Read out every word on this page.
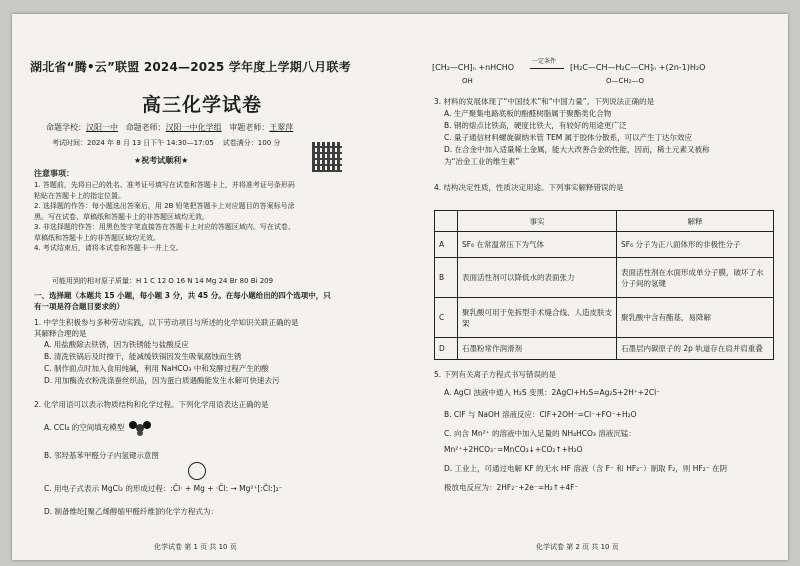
湖北省“腾•云”联盟 2024—2025 学年度上学期八月联考
高三化学试卷
命题学校：汉阳一中 命题老师：汉阳一中化学组 审题老师：王翠萍
考试时间：2024 年 8 月 13 日下午 14:30—17:05 试卷满分：100 分
★祝考试顺利★
注意事项：
1. 答题前，先将自己的姓名、准考证号填写在试卷和答题卡上，并将准考证号条形码
粘贴在答题卡上的指定位置。
2. 选择题的作答：每小题选出答案后，用 2B 铅笔把答题卡上对应题目的答案标号涂
黑。写在试卷、草稿纸和答题卡上的非答题区域均无效。
3. 非选择题的作答：用黑色签字笔直接答在答题卡上对应的答题区域内。写在试卷、
草稿纸和答题卡上的非答题区域均无效。
4. 考试结束后，请将本试卷和答题卡一并上交。
可能用到的相对原子质量：H 1 C 12 O 16 N 14 Mg 24 Br 80 Bi 209
一、选择题（本题共 15 小题，每小题 3 分，共 45 分。在每小题给出的四个选项中，只
有一项是符合题目要求的）
1. 中学生积极参与多种劳动实践，以下劳动项目与所述的化学知识关联正确的是
其解释合理的是
A. 用盐酸除去铁锈，因为铁锈能与盐酸反应
B. 清洗铁锅后及时擦干，能减缓铁锅因发生吸氧腐蚀而生锈
C. 制作面点时加入食用纯碱，利用 NaHCO₃ 中和发酵过程产生的酸
D. 用加酶洗衣粉洗涤蚕丝织品，因为蛋白质遇酶能发生水解可快速去污
2. 化学用语可以表示物质结构和化学过程。下列化学用语表达正确的是
A. CCl₄ 的空间填充模型
B. 邻羟基苯甲醛分子内氢键示意图
C. 用电子式表示 MgCl₂ 的形成过程：:C̈l· + Mg + ·C̈l: → Mg²⁺[:C̈l:]₂⁻
D. 制备维纶[聚乙烯醇缩甲醛纤维]的化学方程式为：
化学试卷 第 1 页 共 10 页
⁅CH₂—CH⁆ₙ +nHCHO
OH
一定条件
⁅H₂C—CH—H₂C—CH⁆ₙ +(2n-1)H₂O
O—CH₂—O
3. 材料的发展体现了“中国技术”和“中国力量”。下列说法正确的是
A. 生产聚集电路底板的酚醛树脂属于聚酯类化合物
B. 钢的熔点比铁高，硬度比铁大，有较好的用途更广泛
C. 量子通信材料螺旋碳纳米管 TEM 属于胶体分散系，可以产生丁达尔效应
D. 在合金中加入适量稀土金属，能大大改善合金的性能，因而，稀土元素又被称
为“冶金工业的维生素”
4. 结构决定性质，性质决定用途。下列事实解释错误的是
	事实	解释
A	SF₆ 在常温常压下为气体	SF₆ 分子为正八面体形的非极性分子
B	表面活性剂可以降低水的表面张力	表面活性剂在水面形成单分子膜，破坏了水分子间的氢键
C	聚乳酸可用于免拆型手术缝合线、人造皮肤支架	聚乳酸中含有酯基，易降解
D	石墨粉常作润滑剂	石墨层内碳原子的 2p 轨道存在肩并肩重叠
5. 下列有关离子方程式书写错误的是
A. AgCl 浊液中通入 H₂S 变黑：2AgCl+H₂S=Ag₂S+2H⁺+2Cl⁻
B. ClF 与 NaOH 溶液反应：ClF+2OH⁻=Cl⁻+FO⁻+H₂O
C. 向含 Mn²⁺ 的溶液中加入足量的 NH₄HCO₃ 溶液沉锰：
Mn²⁺+2HCO₃⁻=MnCO₃↓+CO₂↑+H₂O
D. 工业上，可通过电解 KF 的无水 HF 溶液（含 F⁻ 和 HF₂⁻）制取 F₂，则 HF₂⁻ 在阴
极放电反应为：2HF₂⁻+2e⁻=H₂↑+4F⁻
化学试卷 第 2 页 共 10 页
